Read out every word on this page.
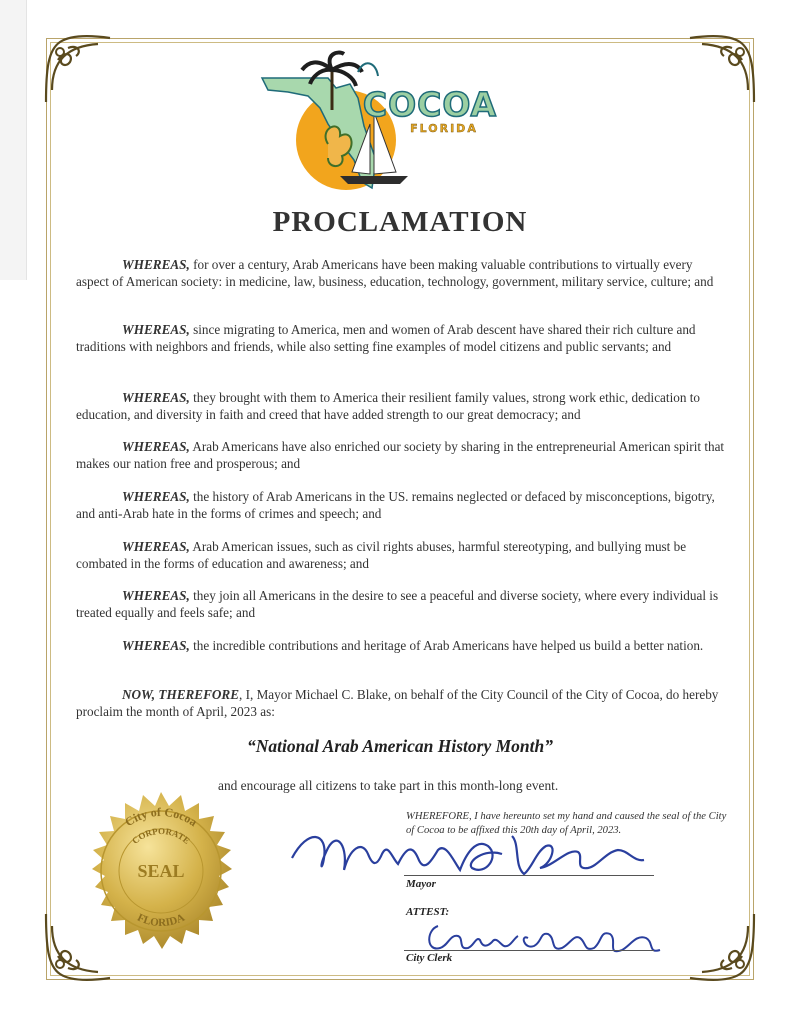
COCOA
FLORIDA
PROCLAMATION
WHEREAS, for over a century, Arab Americans have been making valuable contributions to virtually every aspect of American society: in medicine, law, business, education, technology, government, military service, culture; and
WHEREAS, since migrating to America, men and women of Arab descent have shared their rich culture and traditions with neighbors and friends, while also setting fine examples of model citizens and public servants; and
WHEREAS, they brought with them to America their resilient family values, strong work ethic, dedication to education, and diversity in faith and creed that have added strength to our great democracy; and
WHEREAS, Arab Americans have also enriched our society by sharing in the entrepreneurial American spirit that makes our nation free and prosperous; and
WHEREAS, the history of Arab Americans in the US. remains neglected or defaced by misconceptions, bigotry, and anti-Arab hate in the forms of crimes and speech; and
WHEREAS, Arab American issues, such as civil rights abuses, harmful stereotyping, and bullying must be combated in the forms of education and awareness; and
WHEREAS, they join all Americans in the desire to see a peaceful and diverse society, where every individual is treated equally and feels safe; and
WHEREAS, the incredible contributions and heritage of Arab Americans have helped us build a better nation.
NOW, THEREFORE, I, Mayor Michael C. Blake, on behalf of the City Council of the City of Cocoa, do hereby proclaim the month of April, 2023 as:
“National Arab American History Month”
and encourage all citizens to take part in this month-long event.
City of Cocoa
CORPORATE
SEAL
FLORIDA
WHEREFORE, I have hereunto set my hand and caused the seal of the City of Cocoa to be affixed this 20th day of April, 2023.
Mayor
ATTEST:
City Clerk
